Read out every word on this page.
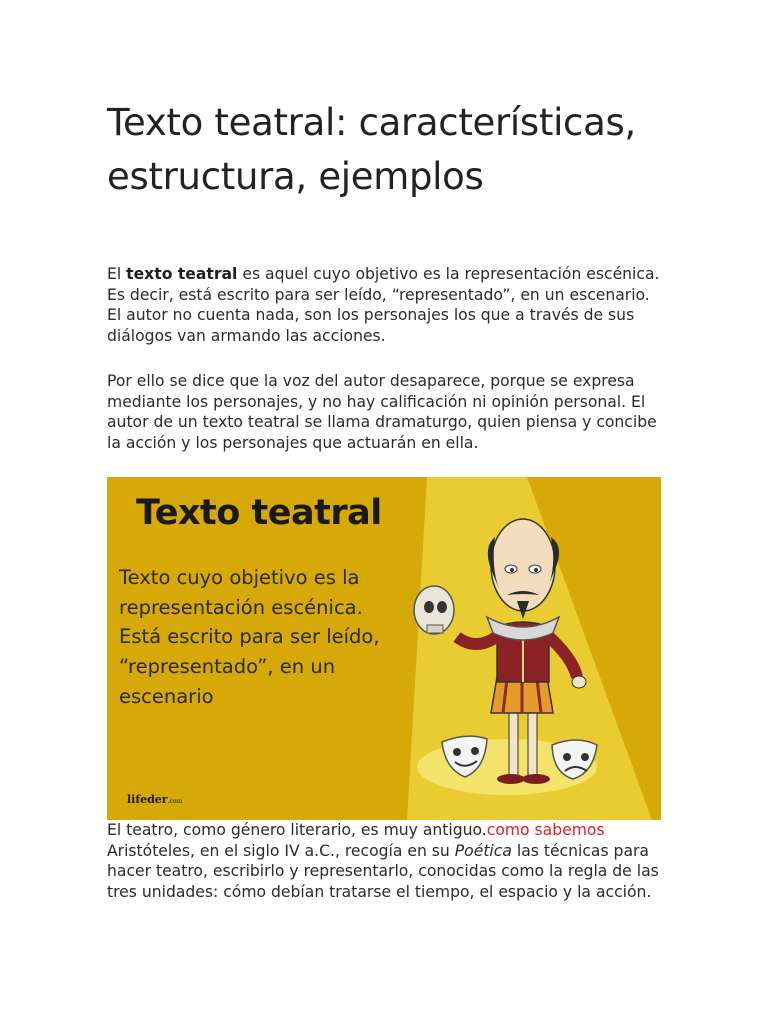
Texto teatral: características, estructura, ejemplos

El texto teatral es aquel cuyo objetivo es la representación escénica. Es decir, está escrito para ser leído, “representado”, en un escenario. El autor no cuenta nada, son los personajes los que a través de sus diálogos van armando las acciones.

Por ello se dice que la voz del autor desaparece, porque se expresa mediante los personajes, y no hay calificación ni opinión personal. El autor de un texto teatral se llama dramaturgo, quien piensa y concibe la acción y los personajes que actuarán en ella.

Texto teatral

Texto cuyo objetivo es la representación escénica. Está escrito para ser leído, “representado”, en un escenario

lifeder.com

El teatro, como género literario, es muy antiguo.como sabemos Aristóteles, en el siglo IV a.C., recogía en su Poética las técnicas para hacer teatro, escribirlo y representarlo, conocidas como la regla de las tres unidades: cómo debían tratarse el tiempo, el espacio y la acción.
